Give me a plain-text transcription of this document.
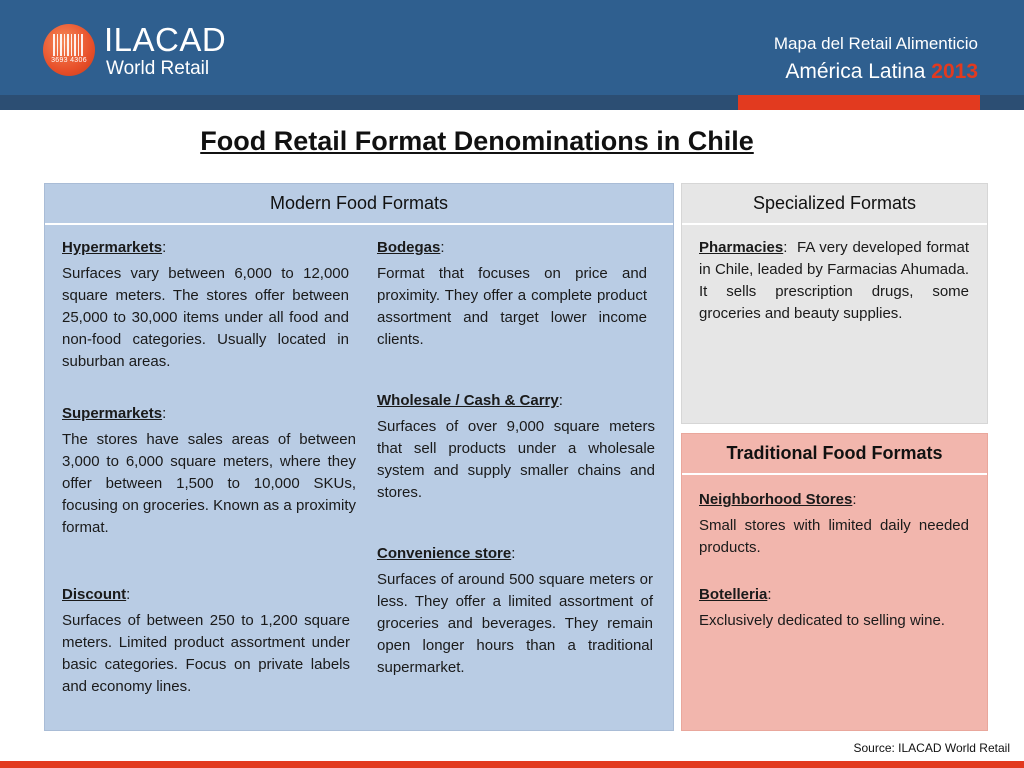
3693 4306
ILACAD
World Retail
Mapa del Retail Alimenticio
América Latina 2013
Food Retail Format Denominations in Chile
Modern Food Formats
Hypermarkets:
Surfaces vary between 6,000 to 12,000 square meters. The stores offer between 25,000 to 30,000 items under all food and non-food categories. Usually located in suburban areas.
Supermarkets:
The stores have sales areas of between 3,000 to 6,000 square meters, where they offer between 1,500 to 10,000 SKUs, focusing on groceries. Known as a proximity format.
Discount:
Surfaces of between 250 to 1,200 square meters. Limited product assortment under basic categories. Focus on private labels and economy lines.
Bodegas:
Format that focuses on price and proximity. They offer a complete product assortment and target lower income clients.
Wholesale / Cash & Carry:
Surfaces of over 9,000 square meters that sell products under a wholesale system and supply smaller chains and stores.
Convenience store:
Surfaces of around 500 square meters or less. They offer a limited assortment of groceries and beverages. They remain open longer hours than a traditional supermarket.
Specialized Formats
Pharmacies:  FA very developed format in Chile, leaded by Farmacias Ahumada. It sells prescription drugs, some groceries and beauty supplies.
Traditional Food Formats
Neighborhood Stores:
Small stores with limited daily needed products.
Botelleria:
Exclusively dedicated to selling wine.
Source: ILACAD World Retail
